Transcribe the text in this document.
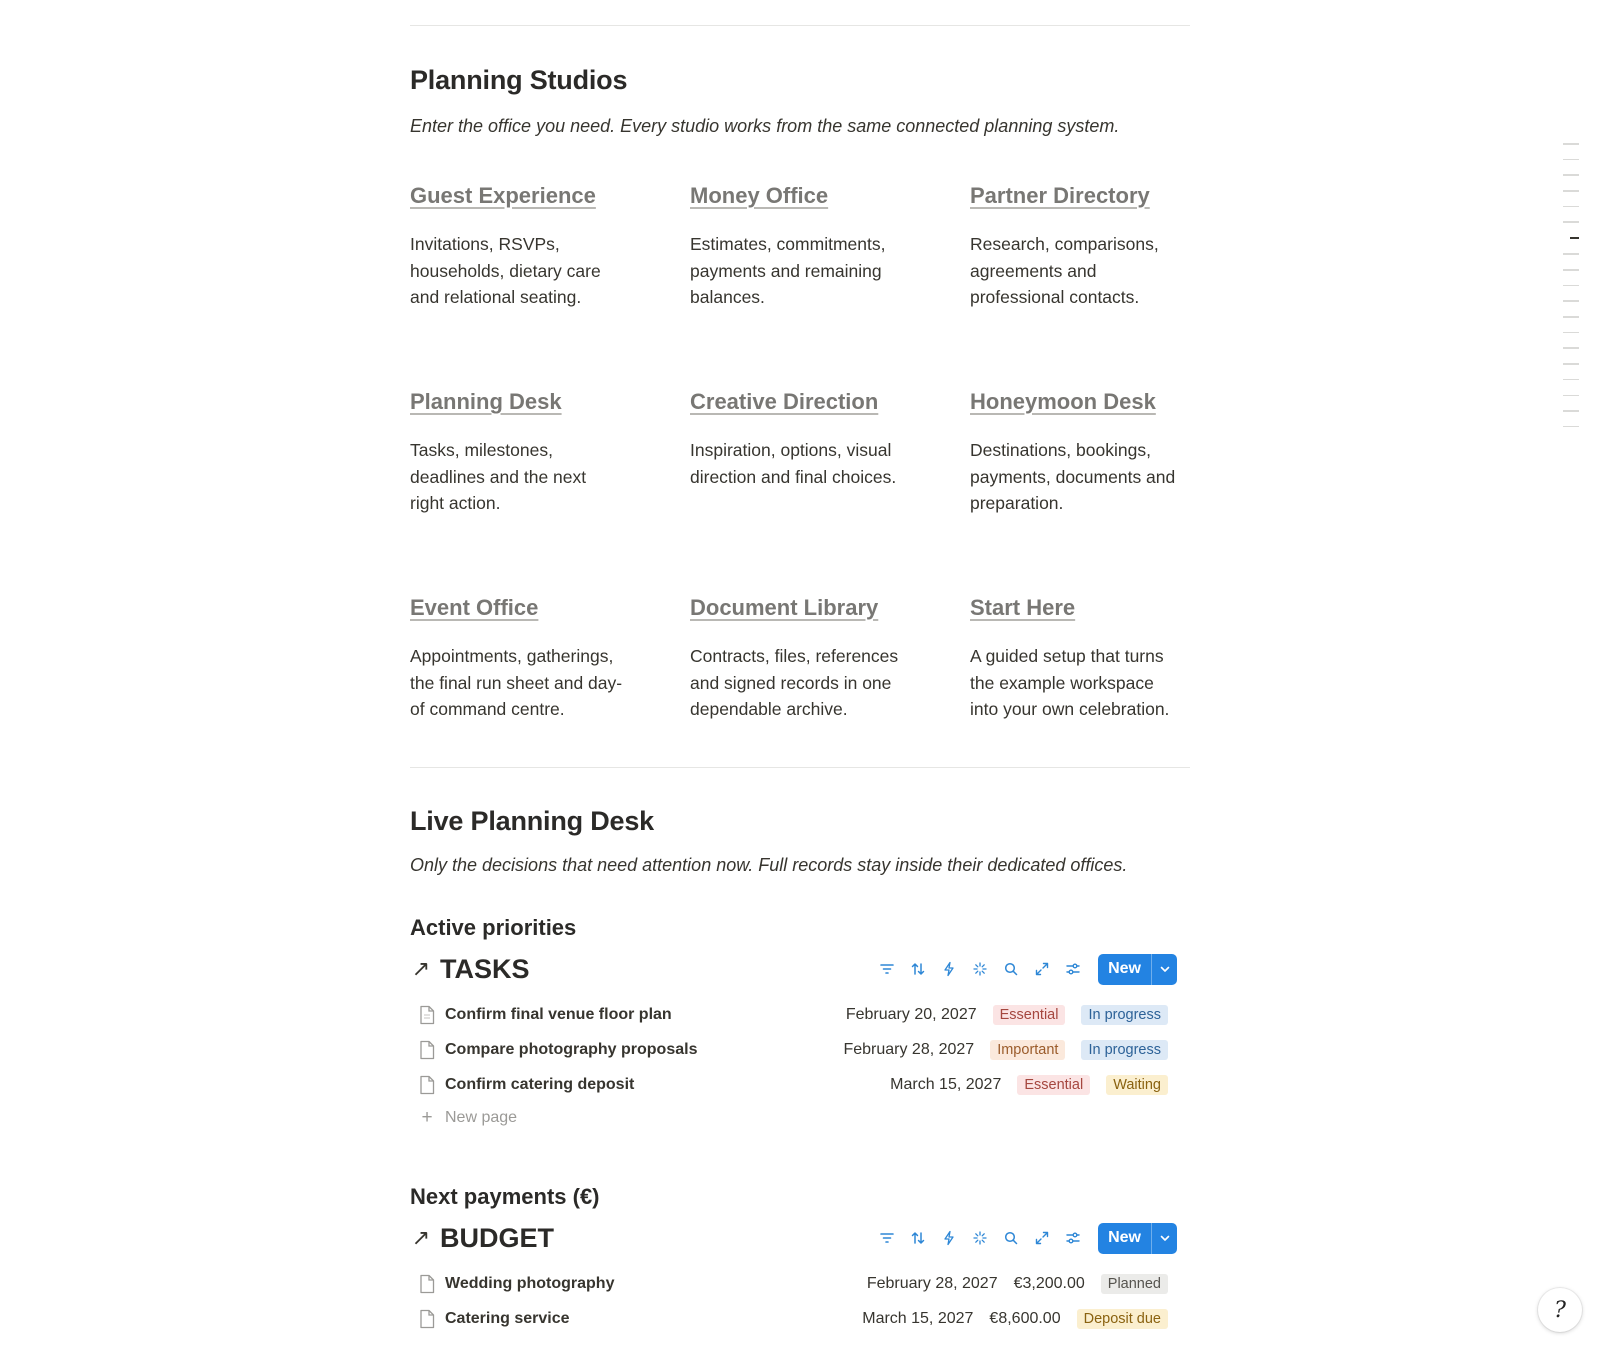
Planning Studios
Enter the office you need. Every studio works from the same connected planning system.
Guest Experience
Invitations, RSVPs, households, dietary care and relational seating.
Money Office
Estimates, commitments, payments and remaining balances.
Partner Directory
Research, comparisons, agreements and professional contacts.
Planning Desk
Tasks, milestones, deadlines and the next right action.
Creative Direction
Inspiration, options, visual direction and final choices.
Honeymoon Desk
Destinations, bookings, payments, documents and preparation.
Event Office
Appointments, gatherings, the final run sheet and day-of command centre.
Document Library
Contracts, files, references and signed records in one dependable archive.
Start Here
A guided setup that turns the example workspace into your own celebration.
Live Planning Desk
Only the decisions that need attention now. Full records stay inside their dedicated offices.
Active priorities
↗ TASKS	New
Confirm final venue floor plan	February 20, 2027	Essential	In progress
Compare photography proposals	February 28, 2027	Important	In progress
Confirm catering deposit	March 15, 2027	Essential	Waiting
+ New page
Next payments (€)
↗ BUDGET	New
Wedding photography	February 28, 2027 €3,200.00	Planned
Catering service	March 15, 2027 €8,600.00	Deposit due	?
